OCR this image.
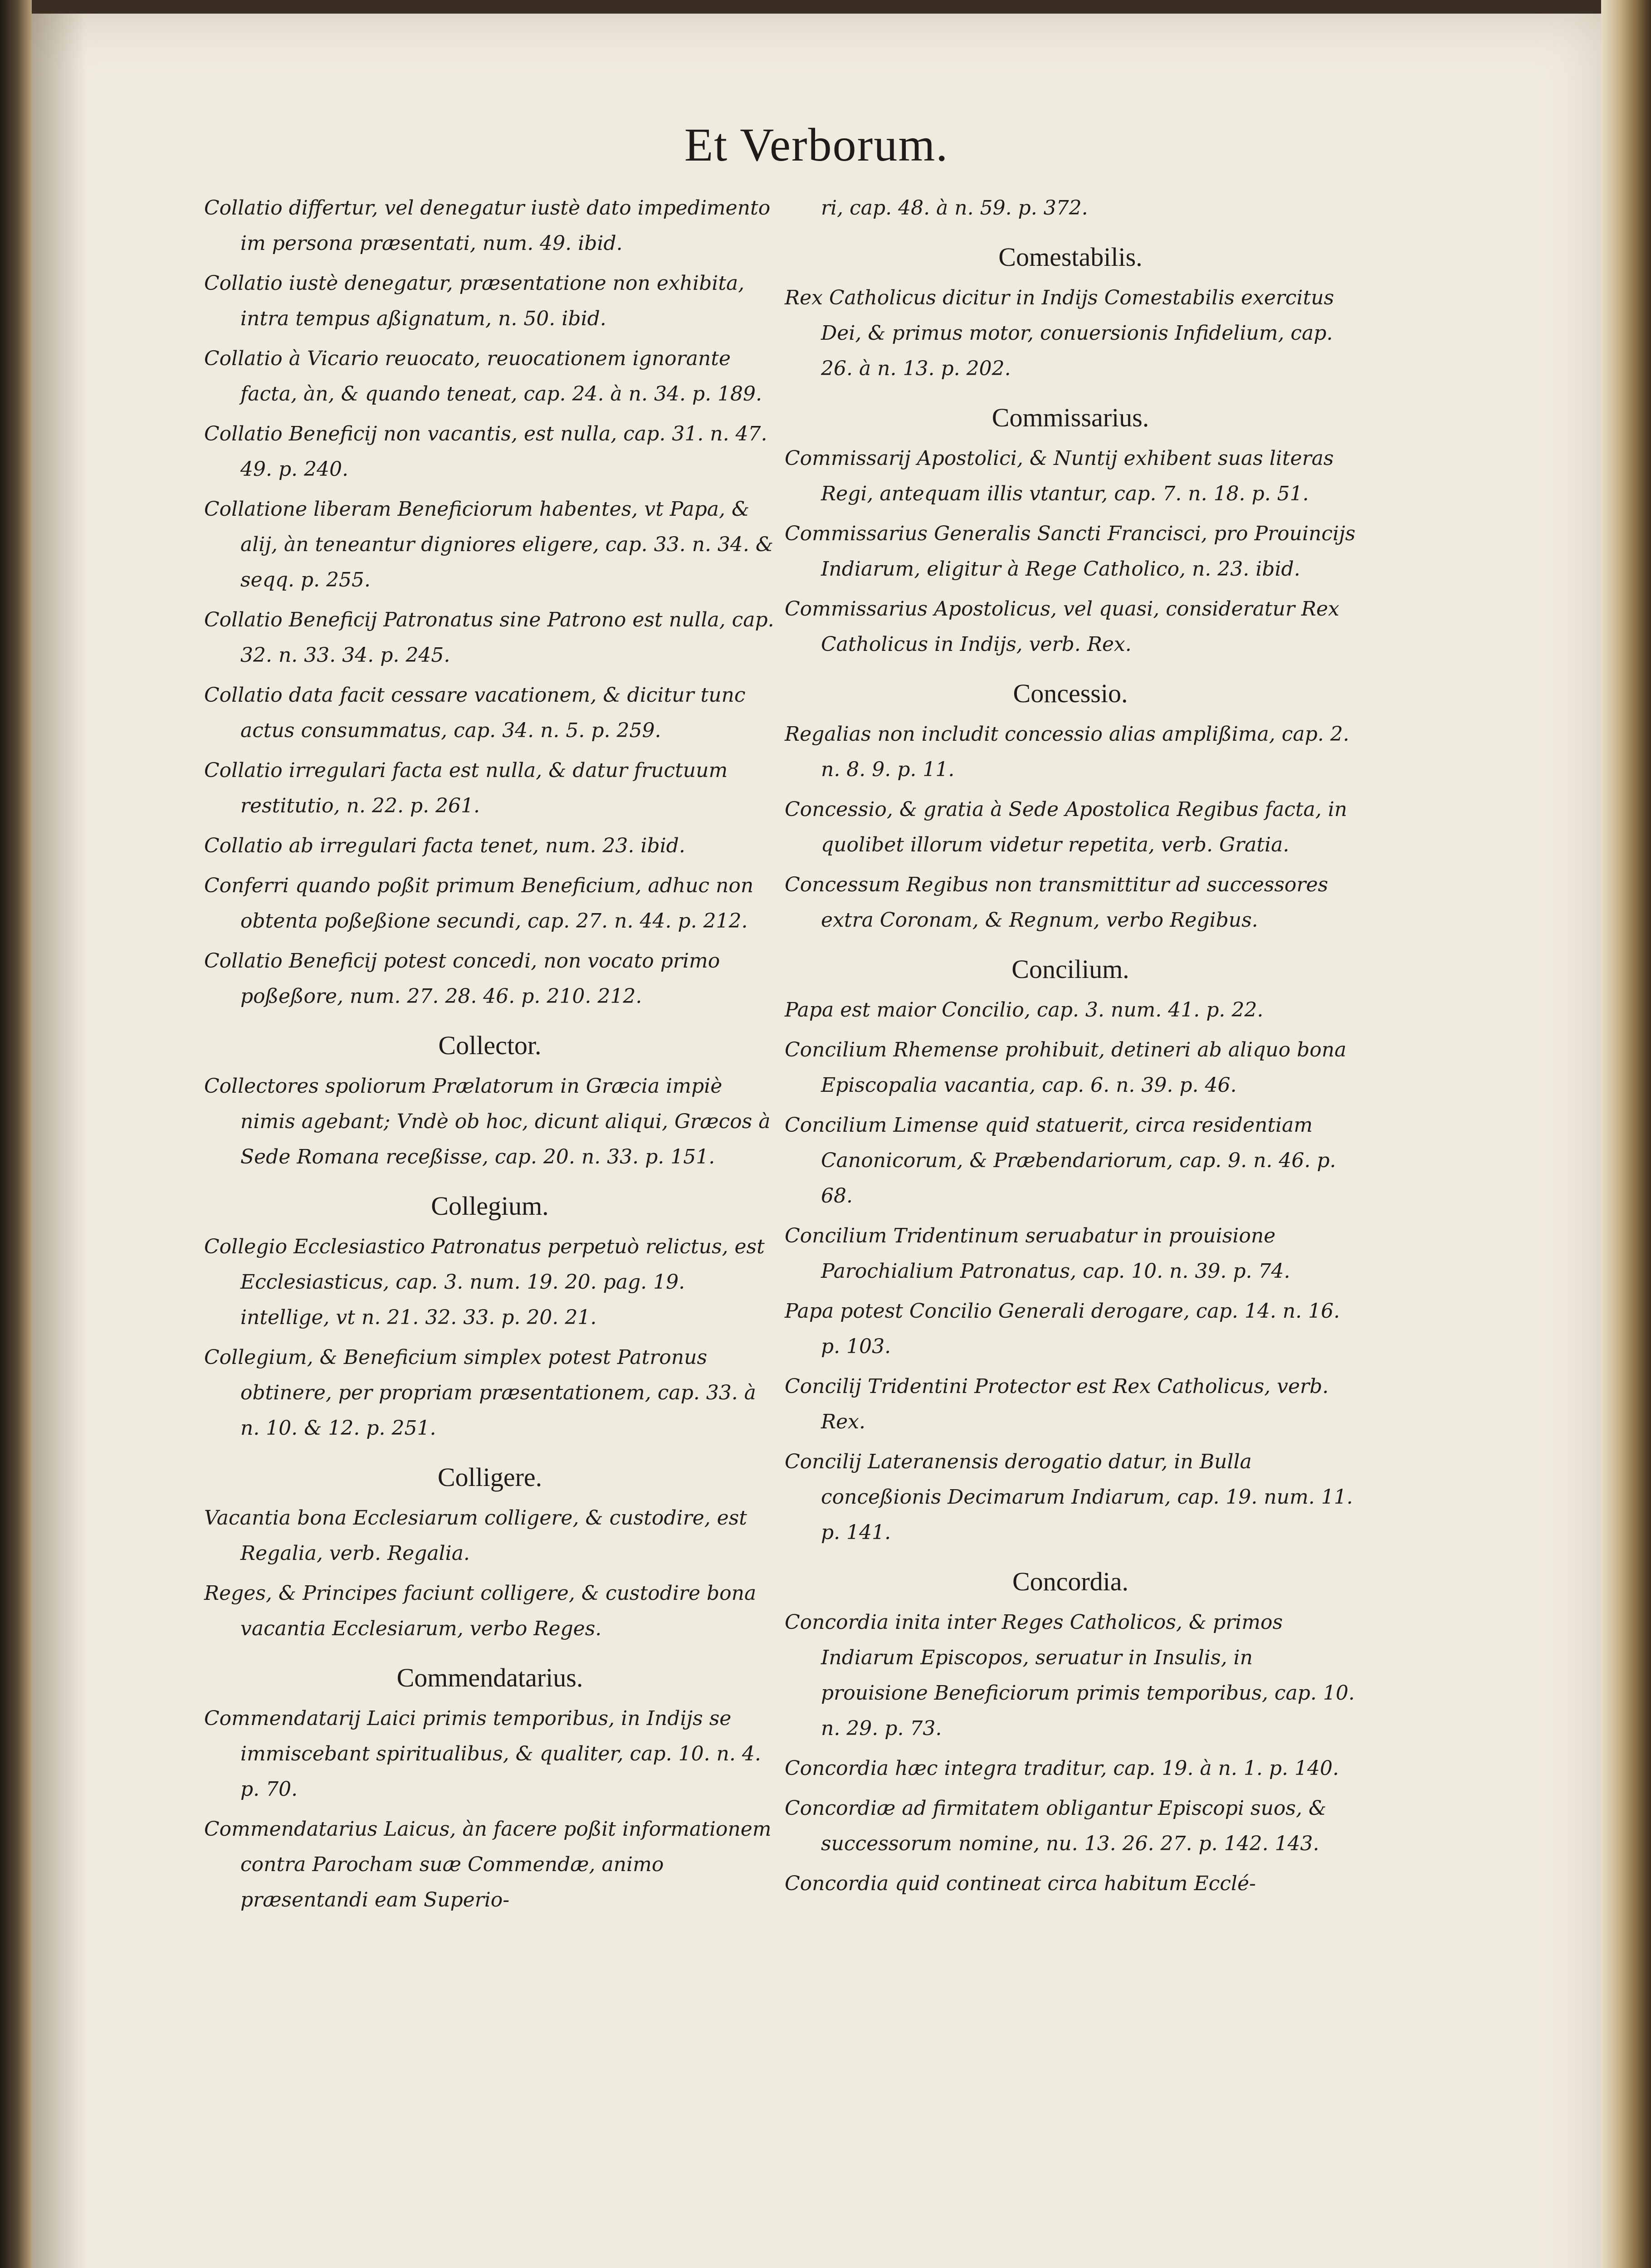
Et Verborum.

Collatio differtur, vel denegatur iustè dato impedimento im persona præsentati, num. 49. ibid.

Collatio iustè denegatur, præsentatione non exhibita, intra tempus aßignatum, n. 50. ibid.

Collatio à Vicario reuocato, reuocationem ignorante facta, àn, & quando teneat, cap. 24. à n. 34. p. 189.

Collatio Beneficij non vacantis, est nulla, cap. 31. n. 47. 49. p. 240.

Collatione liberam Beneficiorum habentes, vt Papa, & alij, àn teneantur digniores eligere, cap. 33. n. 34. & seqq. p. 255.

Collatio Beneficij Patronatus sine Patrono est nulla, cap. 32. n. 33. 34. p. 245.

Collatio data facit cessare vacationem, & dicitur tunc actus consummatus, cap. 34. n. 5. p. 259.

Collatio irregulari facta est nulla, & datur fructuum restitutio, n. 22. p. 261.

Collatio ab irregulari facta tenet, num. 23. ibid.

Conferri quando poßit primum Beneficium, adhuc non obtenta poßeßione secundi, cap. 27. n. 44. p. 212.

Collatio Beneficij potest concedi, non vocato primo poßeßore, num. 27. 28. 46. p. 210. 212.

Collector.

Collectores spoliorum Prælatorum in Græcia impiè nimis agebant; Vndè ob hoc, dicunt aliqui, Græcos à Sede Romana receßisse, cap. 20. n. 33. p. 151.

Collegium.

Collegio Ecclesiastico Patronatus perpetuò relictus, est Ecclesiasticus, cap. 3. num. 19. 20. pag. 19. intellige, vt n. 21. 32. 33. p. 20. 21.

Collegium, & Beneficium simplex potest Patronus obtinere, per propriam præsentationem, cap. 33. à n. 10. & 12. p. 251.

Colligere.

Vacantia bona Ecclesiarum colligere, & custodire, est Regalia, verb. Regalia.

Reges, & Principes faciunt colligere, & custodire bona vacantia Ecclesiarum, verbo Reges.

Commendatarius.

Commendatarij Laici primis temporibus, in Indijs se immiscebant spiritualibus, & qualiter, cap. 10. n. 4. p. 70.

Commendatarius Laicus, àn facere poßit informationem contra Parocham suæ Commendæ, animo præsentandi eam Superio-

ri, cap. 48. à n. 59. p. 372.

Comestabilis.

Rex Catholicus dicitur in Indijs Comestabilis exercitus Dei, & primus motor, conuersionis Infidelium, cap. 26. à n. 13. p. 202.

Commissarius.

Commissarij Apostolici, & Nuntij exhibent suas literas Regi, antequam illis vtantur, cap. 7. n. 18. p. 51.

Commissarius Generalis Sancti Francisci, pro Prouincijs Indiarum, eligitur à Rege Catholico, n. 23. ibid.

Commissarius Apostolicus, vel quasi, consideratur Rex Catholicus in Indijs, verb. Rex.

Concessio.

Regalias non includit concessio alias amplißima, cap. 2. n. 8. 9. p. 11.

Concessio, & gratia à Sede Apostolica Regibus facta, in quolibet illorum videtur repetita, verb. Gratia.

Concessum Regibus non transmittitur ad successores extra Coronam, & Regnum, verbo Regibus.

Concilium.

Papa est maior Concilio, cap. 3. num. 41. p. 22.

Concilium Rhemense prohibuit, detineri ab aliquo bona Episcopalia vacantia, cap. 6. n. 39. p. 46.

Concilium Limense quid statuerit, circa residentiam Canonicorum, & Præbendariorum, cap. 9. n. 46. p. 68.

Concilium Tridentinum seruabatur in prouisione Parochialium Patronatus, cap. 10. n. 39. p. 74.

Papa potest Concilio Generali derogare, cap. 14. n. 16. p. 103.

Concilij Tridentini Protector est Rex Catholicus, verb. Rex.

Concilij Lateranensis derogatio datur, in Bulla conceßionis Decimarum Indiarum, cap. 19. num. 11. p. 141.

Concordia.

Concordia inita inter Reges Catholicos, & primos Indiarum Episcopos, seruatur in Insulis, in prouisione Beneficiorum primis temporibus, cap. 10. n. 29. p. 73.

Concordia hæc integra traditur, cap. 19. à n. 1. p. 140.

Concordiæ ad firmitatem obligantur Episcopi suos, & successorum nomine, nu. 13. 26. 27. p. 142. 143.

Concordia quid contineat circa habitum Ecclé-
